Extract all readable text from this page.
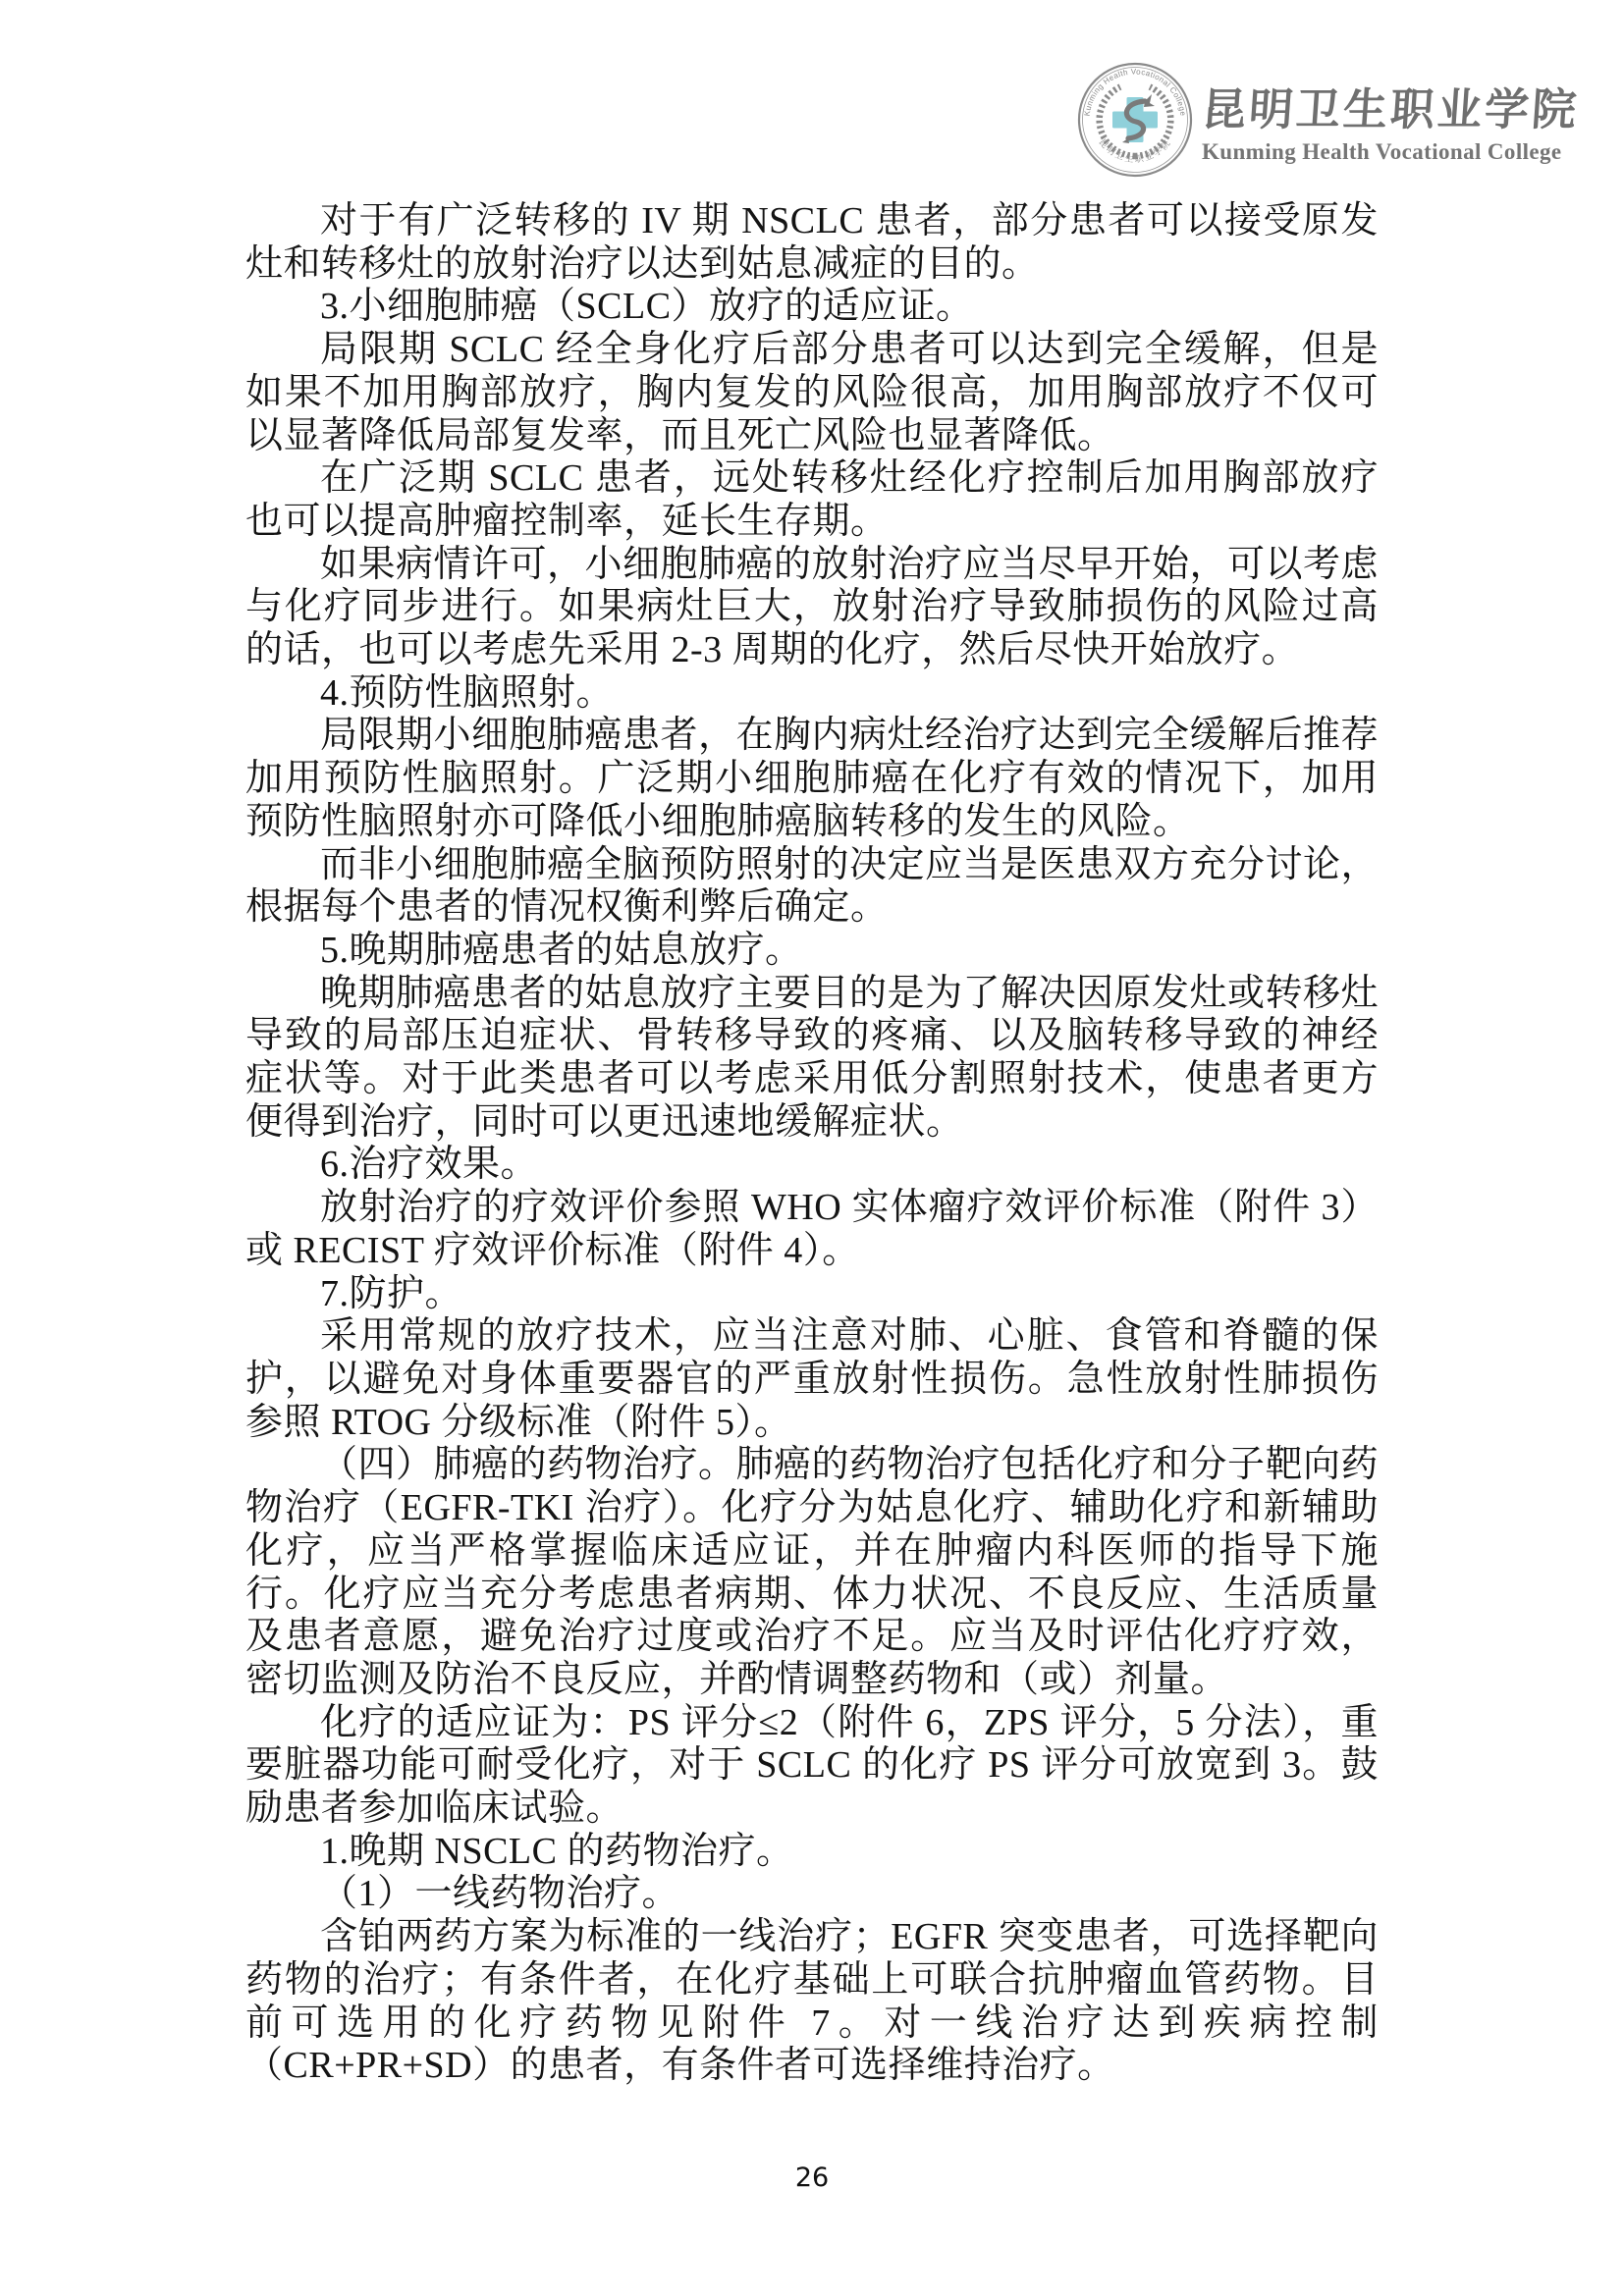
Kunming Health Vocational College
昆明卫生职业学院
昆明卫生职业学院
Kunming Health Vocational College

对于有广泛转移的 IV 期 NSCLC 患者，部分患者可以接受原发灶和转移灶的放射治疗以达到姑息减症的目的。

3.小细胞肺癌（SCLC）放疗的适应证。

局限期 SCLC 经全身化疗后部分患者可以达到完全缓解，但是如果不加用胸部放疗，胸内复发的风险很高，加用胸部放疗不仅可以显著降低局部复发率，而且死亡风险也显著降低。

在广泛期 SCLC 患者，远处转移灶经化疗控制后加用胸部放疗也可以提高肿瘤控制率，延长生存期。

如果病情许可，小细胞肺癌的放射治疗应当尽早开始，可以考虑与化疗同步进行。如果病灶巨大，放射治疗导致肺损伤的风险过高的话，也可以考虑先采用 2-3 周期的化疗，然后尽快开始放疗。

4.预防性脑照射。

局限期小细胞肺癌患者，在胸内病灶经治疗达到完全缓解后推荐加用预防性脑照射。广泛期小细胞肺癌在化疗有效的情况下，加用预防性脑照射亦可降低小细胞肺癌脑转移的发生的风险。

而非小细胞肺癌全脑预防照射的决定应当是医患双方充分讨论，根据每个患者的情况权衡利弊后确定。

5.晚期肺癌患者的姑息放疗。

晚期肺癌患者的姑息放疗主要目的是为了解决因原发灶或转移灶导致的局部压迫症状、骨转移导致的疼痛、以及脑转移导致的神经症状等。对于此类患者可以考虑采用低分割照射技术，使患者更方便得到治疗，同时可以更迅速地缓解症状。

6.治疗效果。

放射治疗的疗效评价参照 WHO 实体瘤疗效评价标准（附件 3）或 RECIST 疗效评价标准（附件 4）。

7.防护。

采用常规的放疗技术，应当注意对肺、心脏、食管和脊髓的保护，以避免对身体重要器官的严重放射性损伤。急性放射性肺损伤参照 RTOG 分级标准（附件 5）。

（四）肺癌的药物治疗。肺癌的药物治疗包括化疗和分子靶向药物治疗（EGFR-TKI 治疗）。化疗分为姑息化疗、辅助化疗和新辅助化疗，应当严格掌握临床适应证，并在肿瘤内科医师的指导下施行。化疗应当充分考虑患者病期、体力状况、不良反应、生活质量及患者意愿，避免治疗过度或治疗不足。应当及时评估化疗疗效，密切监测及防治不良反应，并酌情调整药物和（或）剂量。

化疗的适应证为：PS 评分≤2（附件 6，ZPS 评分，5 分法），重要脏器功能可耐受化疗，对于 SCLC 的化疗 PS 评分可放宽到 3。鼓励患者参加临床试验。

1.晚期 NSCLC 的药物治疗。

（1）一线药物治疗。

含铂两药方案为标准的一线治疗；EGFR 突变患者，可选择靶向药物的治疗；有条件者，在化疗基础上可联合抗肿瘤血管药物。目前可选用的化疗药物见附件 7。对一线治疗达到疾病控制（CR+PR+SD）的患者，有条件者可选择维持治疗。

26
